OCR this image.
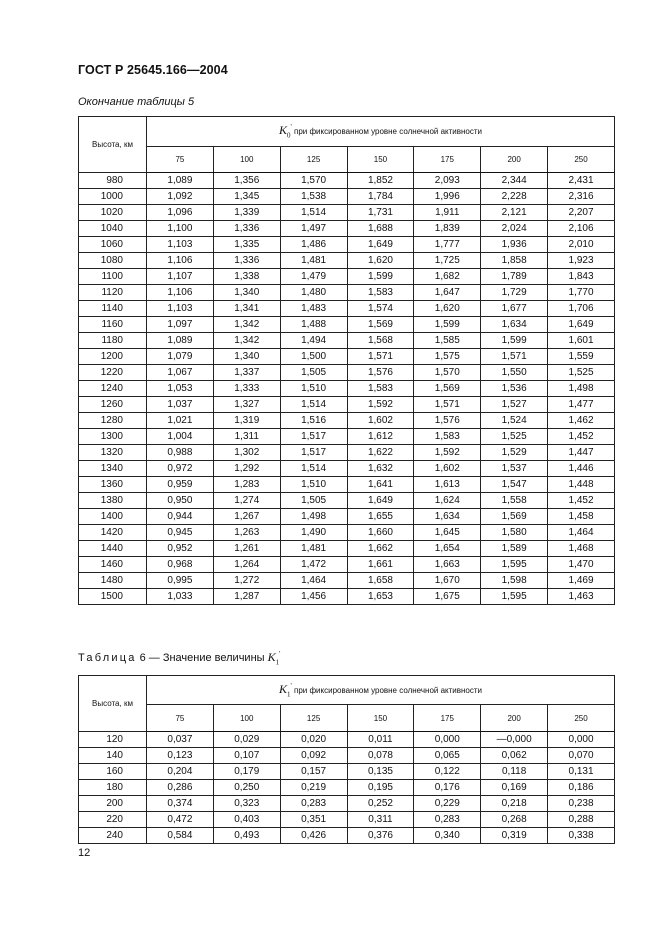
ГОСТ Р 25645.166—2004
Окончание таблицы 5
Высота, км	$K_0'$ при фиксированном уровне солнечной активности						
	75	100	125	150	175	200	250
980	1,089	1,356	1,570	1,852	2,093	2,344	2,431
1000	1,092	1,345	1,538	1,784	1,996	2,228	2,316
1020	1,096	1,339	1,514	1,731	1,911	2,121	2,207
1040	1,100	1,336	1,497	1,688	1,839	2,024	2,106
1060	1,103	1,335	1,486	1,649	1,777	1,936	2,010
1080	1,106	1,336	1,481	1,620	1,725	1,858	1,923
1100	1,107	1,338	1,479	1,599	1,682	1,789	1,843
1120	1,106	1,340	1,480	1,583	1,647	1,729	1,770
1140	1,103	1,341	1,483	1,574	1,620	1,677	1,706
1160	1,097	1,342	1,488	1,569	1,599	1,634	1,649
1180	1,089	1,342	1,494	1,568	1,585	1,599	1,601
1200	1,079	1,340	1,500	1,571	1,575	1,571	1,559
1220	1,067	1,337	1,505	1,576	1,570	1,550	1,525
1240	1,053	1,333	1,510	1,583	1,569	1,536	1,498
1260	1,037	1,327	1,514	1,592	1,571	1,527	1,477
1280	1,021	1,319	1,516	1,602	1,576	1,524	1,462
1300	1,004	1,311	1,517	1,612	1,583	1,525	1,452
1320	0,988	1,302	1,517	1,622	1,592	1,529	1,447
1340	0,972	1,292	1,514	1,632	1,602	1,537	1,446
1360	0,959	1,283	1,510	1,641	1,613	1,547	1,448
1380	0,950	1,274	1,505	1,649	1,624	1,558	1,452
1400	0,944	1,267	1,498	1,655	1,634	1,569	1,458
1420	0,945	1,263	1,490	1,660	1,645	1,580	1,464
1440	0,952	1,261	1,481	1,662	1,654	1,589	1,468
1460	0,968	1,264	1,472	1,661	1,663	1,595	1,470
1480	0,995	1,272	1,464	1,658	1,670	1,598	1,469
1500	1,033	1,287	1,456	1,653	1,675	1,595	1,463
Таблица 6 — Значение величины $K_1'$
Высота, км	$K_1'$ при фиксированном уровне солнечной активности						
	75	100	125	150	175	200	250
120	0,037	0,029	0,020	0,011	0,000	—0,000	0,000
140	0,123	0,107	0,092	0,078	0,065	0,062	0,070
160	0,204	0,179	0,157	0,135	0,122	0,118	0,131
180	0,286	0,250	0,219	0,195	0,176	0,169	0,186
200	0,374	0,323	0,283	0,252	0,229	0,218	0,238
220	0,472	0,403	0,351	0,311	0,283	0,268	0,288
240	0,584	0,493	0,426	0,376	0,340	0,319	0,338
12
